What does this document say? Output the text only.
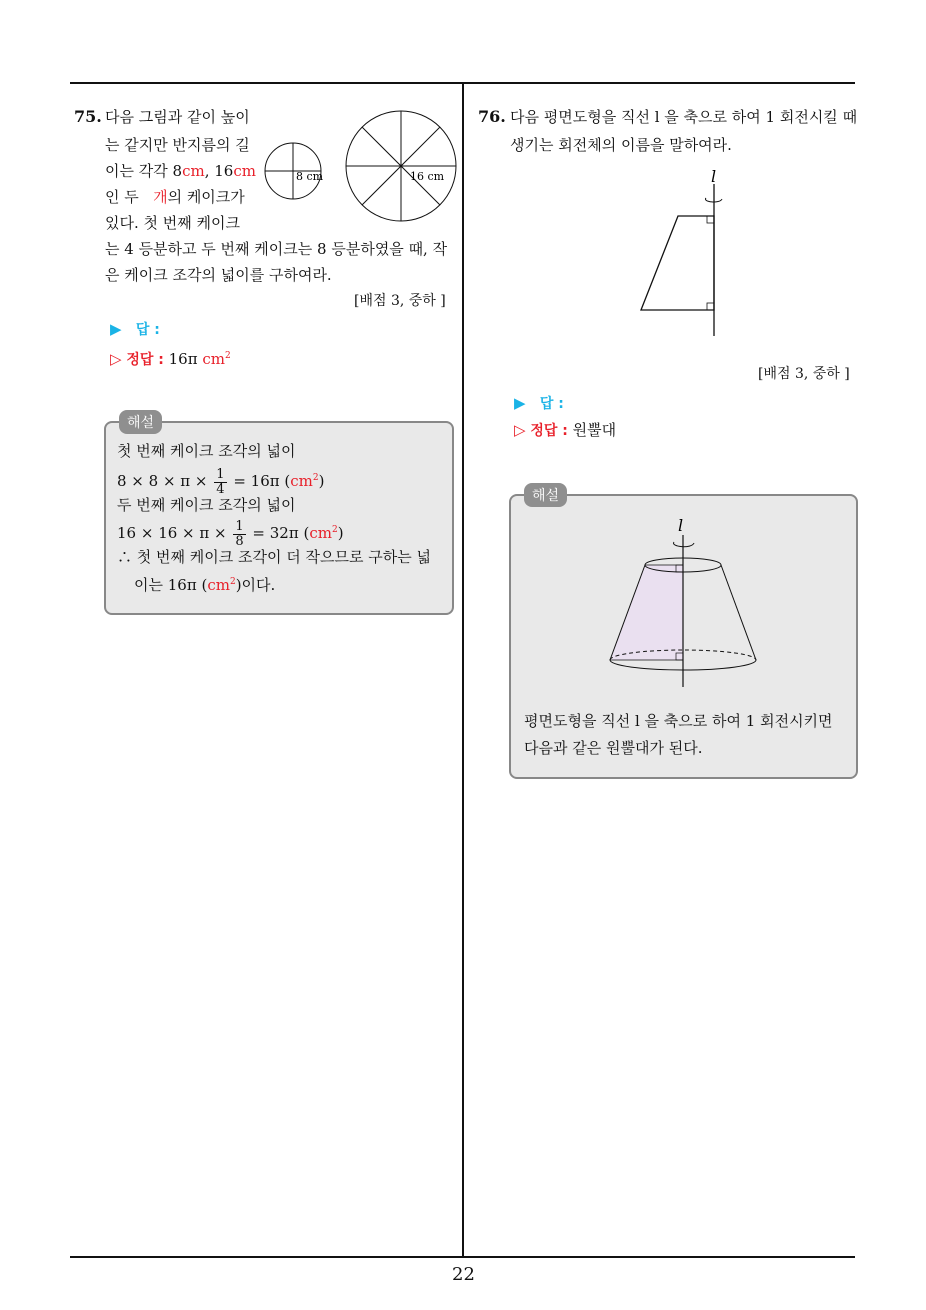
22
75. 다음 그림과 같이 높이
는 같지만 반지름의 길
이는 각각 8cm, 16cm
인 두 개의 케이크가
있다. 첫 번째 케이크
는 4 등분하고 두 번째 케이크는 8 등분하였을 때, 작
은 케이크 조각의 넓이를 구하여라.
8 cm	16 cm
[배점 3, 중하 ]
▶ 답 :
▷ 정답 : 16π $cm^2$
해설
첫 번째 케이크 조각의 넓이
$8 \times 8 \times \pi \times \frac{1}{4} = 16\pi$ $(cm^2)$
두 번째 케이크 조각의 넓이
$16 \times 16 \times \pi \times \frac{1}{8} = 32\pi$ $(cm^2)$
∴ 첫 번째 케이크 조각이 더 작으므로 구하는 넓
이는 16π $(cm^2)$이다.
76. 다음 평면도형을 직선 l 을 축으로 하여 1 회전시킬 때
생기는 회전체의 이름을 말하여라.
l
[배점 3, 중하 ]
▶ 답 :
▷ 정답 : 원뿔대
해설
l
평면도형을 직선 l 을 축으로 하여 1 회전시키면
다음과 같은 원뿔대가 된다.
